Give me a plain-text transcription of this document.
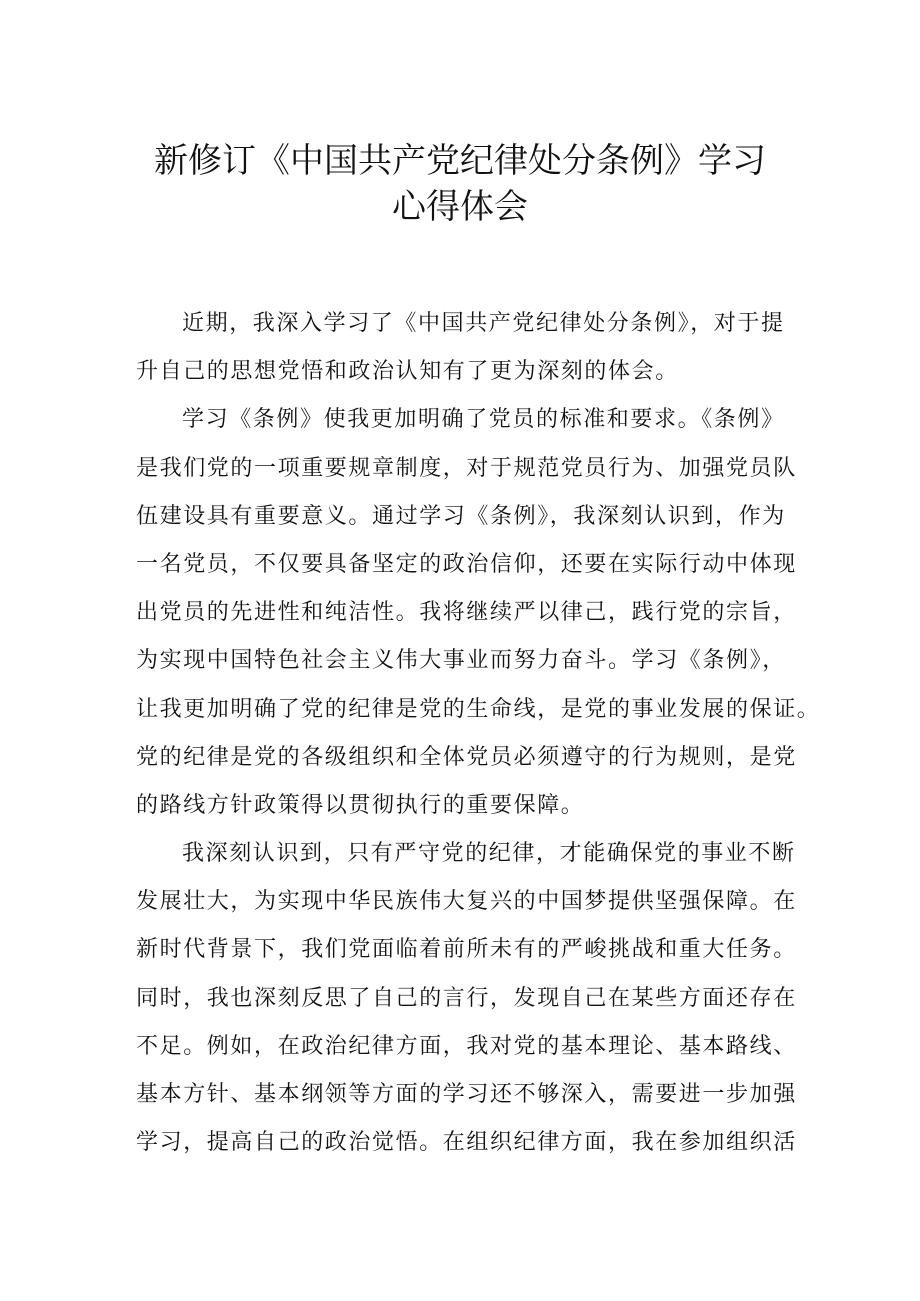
新修订《中国共产党纪律处分条例》学习
心得体会
近期，我深入学习了《中国共产党纪律处分条例》，对于提
升自己的思想党悟和政治认知有了更为深刻的体会。
学习《条例》使我更加明确了党员的标准和要求。《条例》
是我们党的一项重要规章制度，对于规范党员行为、加强党员队
伍建设具有重要意义。通过学习《条例》，我深刻认识到，作为
一名党员，不仅要具备坚定的政治信仰，还要在实际行动中体现
出党员的先进性和纯洁性。我将继续严以律己，践行党的宗旨，
为实现中国特色社会主义伟大事业而努力奋斗。学习《条例》，
让我更加明确了党的纪律是党的生命线，是党的事业发展的保证。
党的纪律是党的各级组织和全体党员必须遵守的行为规则，是党
的路线方针政策得以贯彻执行的重要保障。
我深刻认识到，只有严守党的纪律，才能确保党的事业不断
发展壮大，为实现中华民族伟大复兴的中国梦提供坚强保障。在
新时代背景下，我们党面临着前所未有的严峻挑战和重大任务。
同时，我也深刻反思了自己的言行，发现自己在某些方面还存在
不足。例如，在政治纪律方面，我对党的基本理论、基本路线、
基本方针、基本纲领等方面的学习还不够深入，需要进一步加强
学习，提高自己的政治觉悟。在组织纪律方面，我在参加组织活
